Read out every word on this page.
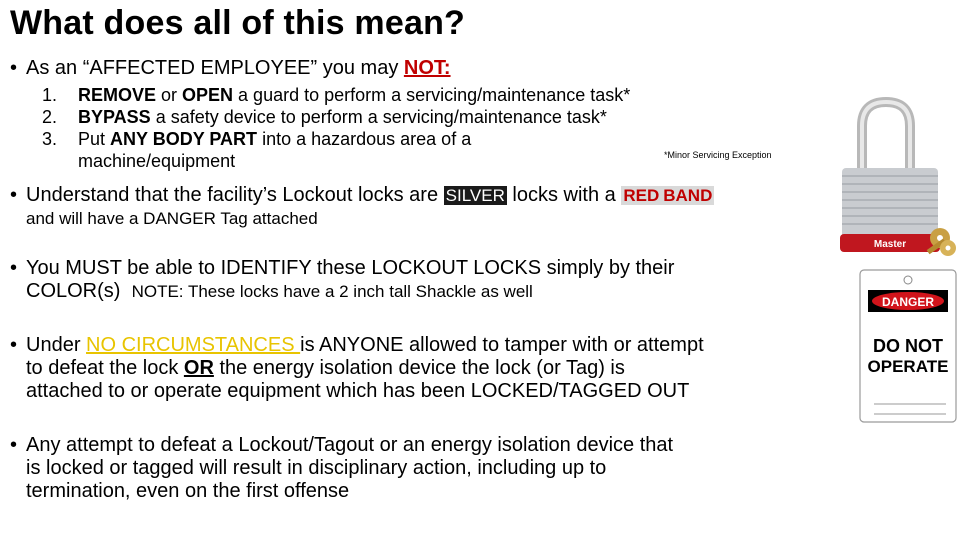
What does all of this mean?
• As an “AFFECTED EMPLOYEE” you may NOT:
1. REMOVE or OPEN a guard to perform a servicing/maintenance task*
2. BYPASS a safety device to perform a servicing/maintenance task*
3. Put ANY BODY PART into a hazardous area of a
machine/equipment	*Minor Servicing Exception
• Understand that the facility’s Lockout locks are SILVER locks with a RED BAND
and will have a DANGER Tag attached
• You MUST be able to IDENTIFY these LOCKOUT LOCKS simply by their
COLOR(s) NOTE: These locks have a 2 inch tall Shackle as well
• Under NO CIRCUMSTANCES is ANYONE allowed to tamper with or attempt
to defeat the lock OR the energy isolation device the lock (or Tag) is
attached to or operate equipment which has been LOCKED/TAGGED OUT
• Any attempt to defeat a Lockout/Tagout or an energy isolation device that
is locked or tagged will result in disciplinary action, including up to
termination, even on the first offense
Master
DANGER
DO NOT
OPERATE
